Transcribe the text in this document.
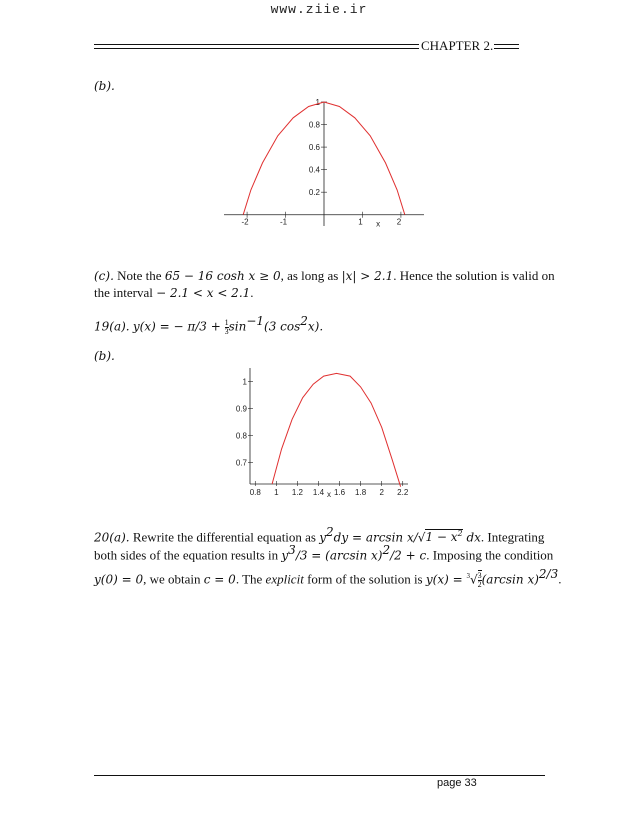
www.ziie.ir
CHAPTER 2.
(b).
0.2
0.4
0.6
0.8
1
-2	-1	1	2
x
(c). Note the 65 − 16 cosh x ≥ 0, as long as |x| > 2.1. Hence the solution is valid on
the interval − 2.1 < x < 2.1.
19(a). y(x) = − $\pi/3 + \frac{1}{3} \sin^{-1}(3$ $\cos^2x$).
(b).
0.7
0.8
0.9
1
0.8 1 1.2 1.4 1.6 1.8 2 2.2
x
20(a). Rewrite the differential equation as $y^2dy = \arcsin x/√1 - x^2$ dx. Integrating
both sides of the equation results in $y^3/3 = (\arcsin$ x)$^2$/2 + c. Imposing the condition
y(0) = 0, we obtain c = 0. The explicit form of the solution is $y(x) = ^3√ \frac{3}{2} (\arcsin$ x)$^{2/3}$.
page 33
